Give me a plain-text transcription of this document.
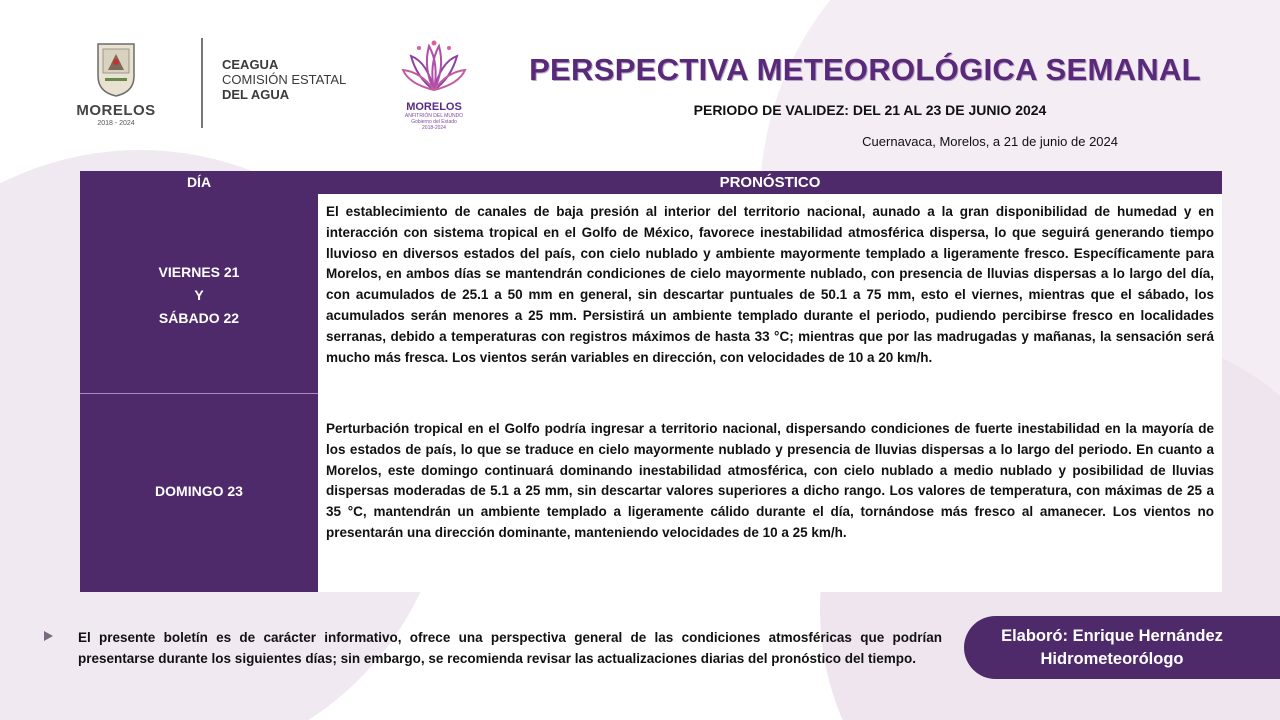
MORELOS
2018 - 2024
CEAGUA
COMISIÓN ESTATAL
DEL AGUA
MORELOS
ANFITRIÓN DEL MUNDO
Gobierno del Estado
2018-2024
PERSPECTIVA METEOROLÓGICA SEMANAL
PERIODO DE VALIDEZ: DEL 21 AL 23 DE JUNIO 2024
Cuernavaca, Morelos, a 21 de junio de 2024
DÍA	PRONÓSTICO
VIERNES 21
Y
SÁBADO 22

El establecimiento de canales de baja presión al interior del territorio nacional, aunado a la gran disponibilidad de humedad y en interacción con sistema tropical en el Golfo de México, favorece inestabilidad atmosférica dispersa, lo que seguirá generando tiempo lluvioso en diversos estados del país, con cielo nublado y ambiente mayormente templado a ligeramente fresco. Específicamente para Morelos, en ambos días se mantendrán condiciones de cielo mayormente nublado, con presencia de lluvias dispersas a lo largo del día, con acumulados de 25.1 a 50 mm en general, sin descartar puntuales de 50.1 a 75 mm, esto el viernes, mientras que el sábado, los acumulados serán menores a 25 mm. Persistirá un ambiente templado durante el periodo, pudiendo percibirse fresco en localidades serranas, debido a temperaturas con registros máximos de hasta 33 °C; mientras que por las madrugadas y mañanas, la sensación será mucho más fresca. Los vientos serán variables en dirección, con velocidades de 10 a 20 km/h.

DOMINGO 23

Perturbación tropical en el Golfo podría ingresar a territorio nacional, dispersando condiciones de fuerte inestabilidad en la mayoría de los estados de país, lo que se traduce en cielo mayormente nublado y presencia de lluvias dispersas a lo largo del periodo. En cuanto a Morelos, este domingo continuará dominando inestabilidad atmosférica, con cielo nublado a medio nublado y posibilidad de lluvias dispersas moderadas de 5.1 a 25 mm, sin descartar valores superiores a dicho rango. Los valores de temperatura, con máximas de 25 a 35 °C, mantendrán un ambiente templado a ligeramente cálido durante el día, tornándose más fresco al amanecer. Los vientos no presentarán una dirección dominante, manteniendo velocidades de 10 a 25 km/h.

El presente boletín es de carácter informativo, ofrece una perspectiva general de las condiciones atmosféricas que podrían presentarse durante los siguientes días; sin embargo, se recomienda revisar las actualizaciones diarias del pronóstico del tiempo.
Elaboró: Enrique Hernández
Hidrometeorólogo
